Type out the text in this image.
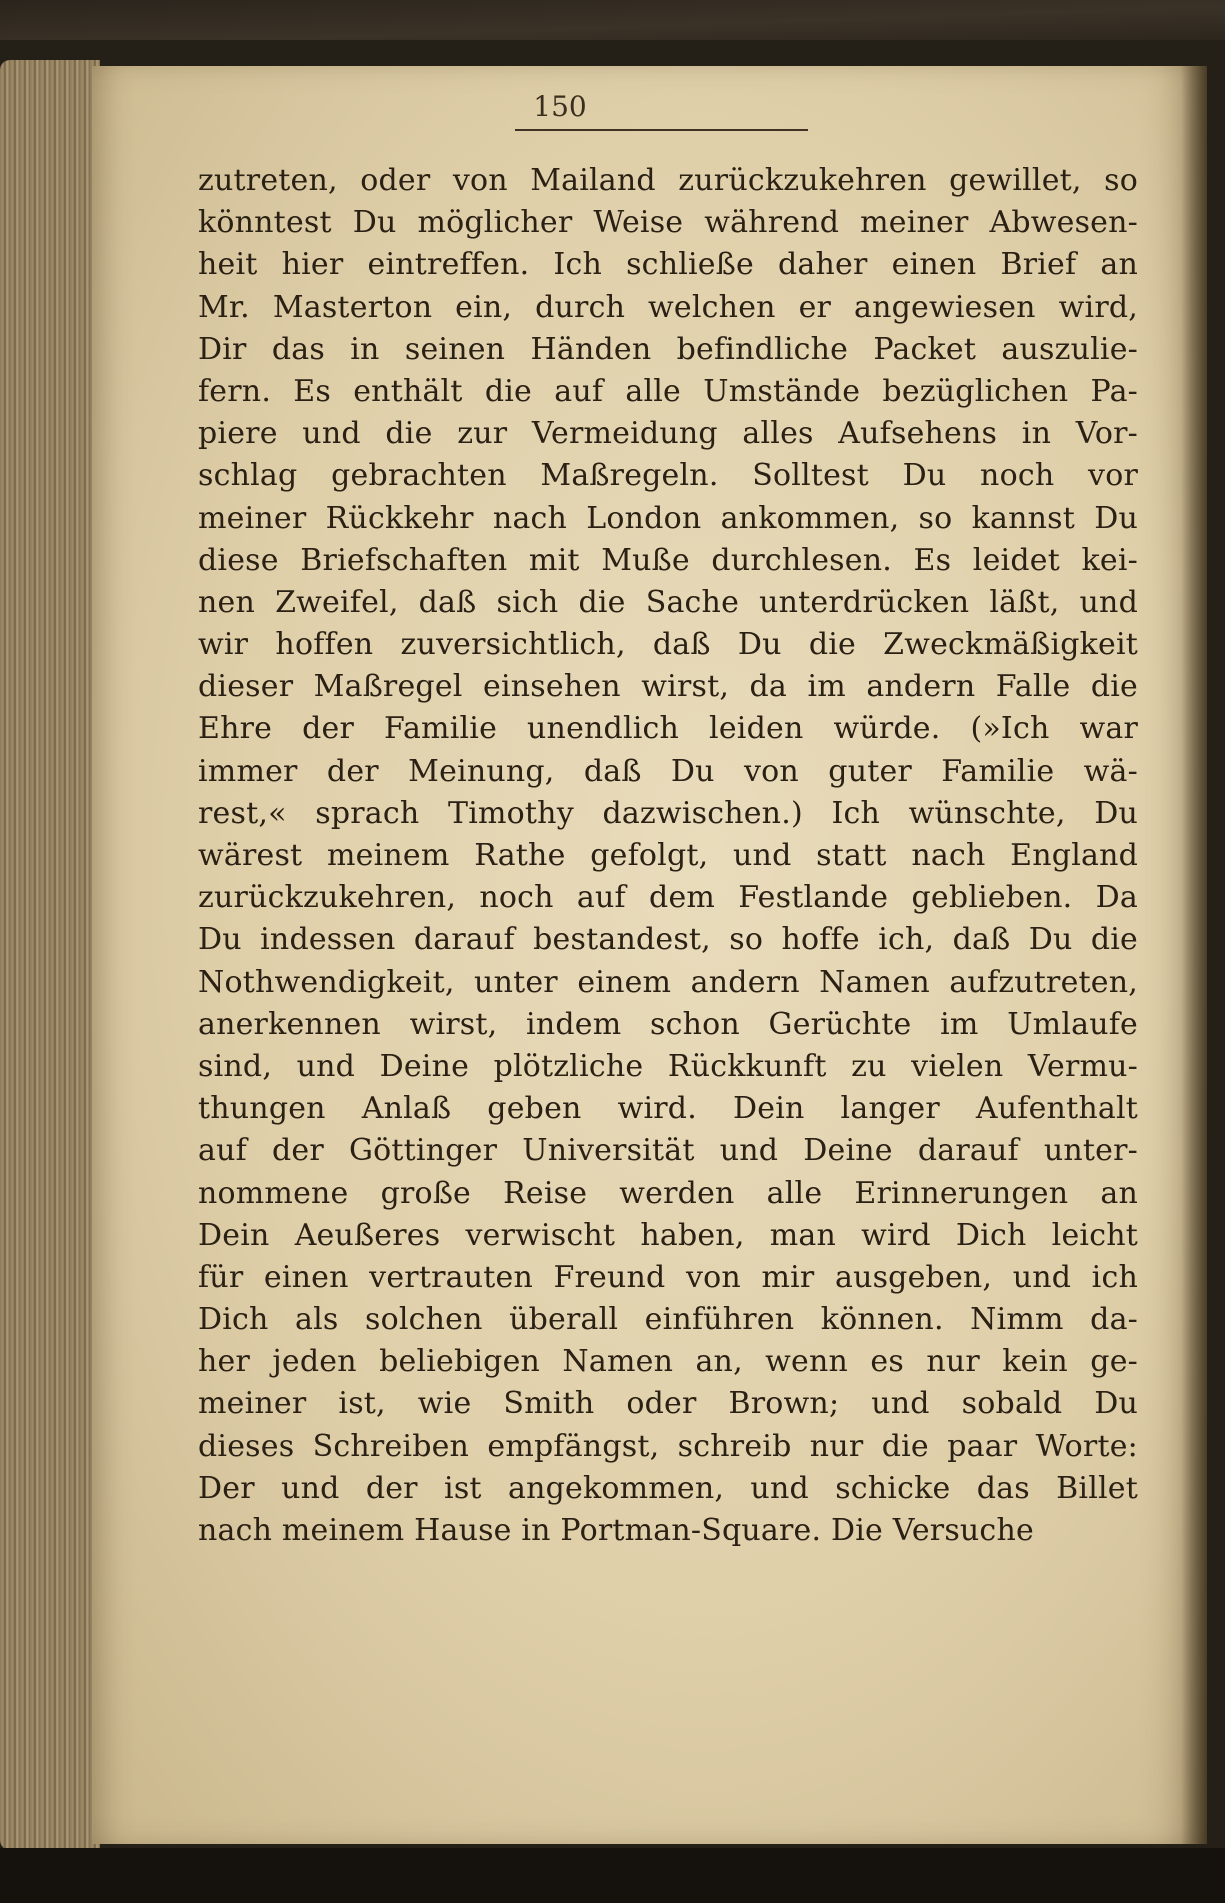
150
zutreten, oder von Mailand zurückzukehren gewillet, so
könntest Du möglicher Weise während meiner Abwesen-
heit hier eintreffen. Ich schließe daher einen Brief an
Mr. Masterton ein, durch welchen er angewiesen wird,
Dir das in seinen Händen befindliche Packet auszulie-
fern. Es enthält die auf alle Umstände bezüglichen Pa-
piere und die zur Vermeidung alles Aufsehens in Vor-
schlag gebrachten Maßregeln. Solltest Du noch vor
meiner Rückkehr nach London ankommen, so kannst Du
diese Briefschaften mit Muße durchlesen. Es leidet kei-
nen Zweifel, daß sich die Sache unterdrücken läßt, und
wir hoffen zuversichtlich, daß Du die Zweckmäßigkeit
dieser Maßregel einsehen wirst, da im andern Falle die
Ehre der Familie unendlich leiden würde. (»Ich war
immer der Meinung, daß Du von guter Familie wä-
rest,« sprach Timothy dazwischen.) Ich wünschte, Du
wärest meinem Rathe gefolgt, und statt nach England
zurückzukehren, noch auf dem Festlande geblieben. Da
Du indessen darauf bestandest, so hoffe ich, daß Du die
Nothwendigkeit, unter einem andern Namen aufzutreten,
anerkennen wirst, indem schon Gerüchte im Umlaufe
sind, und Deine plötzliche Rückkunft zu vielen Vermu-
thungen Anlaß geben wird. Dein langer Aufenthalt
auf der Göttinger Universität und Deine darauf unter-
nommene große Reise werden alle Erinnerungen an
Dein Aeußeres verwischt haben, man wird Dich leicht
für einen vertrauten Freund von mir ausgeben, und ich
Dich als solchen überall einführen können. Nimm da-
her jeden beliebigen Namen an, wenn es nur kein ge-
meiner ist, wie Smith oder Brown; und sobald Du
dieses Schreiben empfängst, schreib nur die paar Worte:
Der und der ist angekommen, und schicke das Billet
nach meinem Hause in Portman-Square. Die Versuche
